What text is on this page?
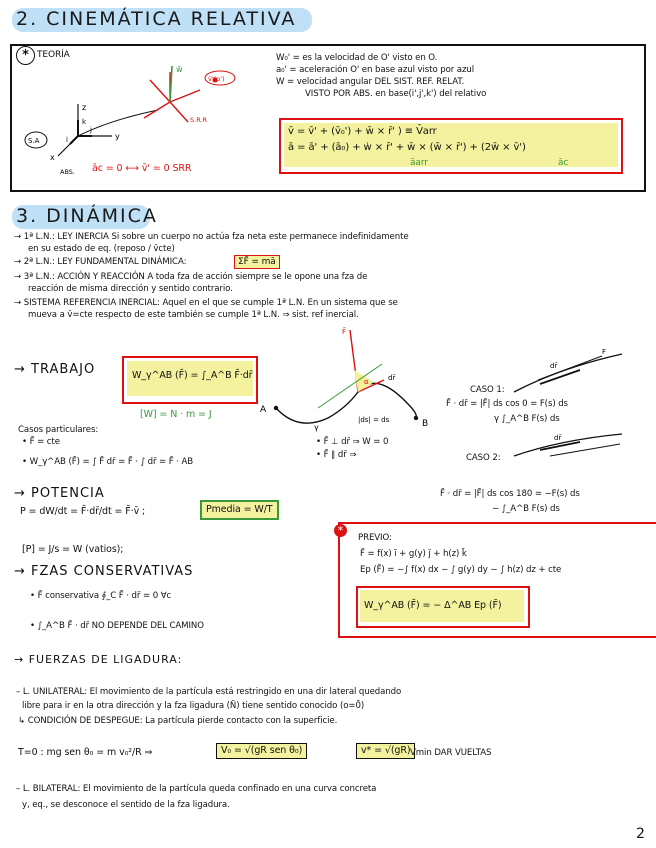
2. CINEMÁTICA RELATIVA
* TEORÍA
z
y
x
k
j
i
ABS.
S.A
w̄
v̄'(p')
S.R.R
āc = 0 ⟷ v̄' = 0 SRR
W₀' = es la velocidad de O' visto en O.
a₀' = aceleración O' en base azul visto por azul
W = velocidad angular DEL SIST. REF. RELAT.
VISTO POR ABS. en base(i',j',k') del relativo
v̄ = v̄' + (v̄₀') + w̄ × r̄' ) ≡ V̄arr
ā = ā' + (ā₀) + ẇ × r̄' + w̄ × (w̄ × r̄') + (2w̄ × v̄')
āarr	āc
3. DINÁMICA
→ 1ª L.N.: LEY INERCIA Si sobre un cuerpo no actúa fza neta este permanece indefinidamente
en su estado de eq. (reposo / v̄cte)
→ 2ª L.N.: LEY FUNDAMENTAL DINÁMICA:	ΣF̄ = mā
→ 3ª L.N.: ACCIÓN Y REACCIÓN A toda fza de acción siempre se le opone una fza de
reacción de misma dirección y sentido contrario.
→ SISTEMA REFERENCIA INERCIAL: Aquel en el que se cumple 1ª L.N. En un sistema que se
mueva a v̄=cte respecto de este también se cumple 1ª L.N. ⇒ sist. ref inercial.
→ TRABAJO	W_γ^AB (F̄) = ∫_A^B F̄·dr̄
[W] = N · m = J
Casos particulares:
• F̄ = cte
• W_γ^AB (F̄) = ∫ F̄ dr̄ = F̄ · ∫ dr̄ = F̄ · AB
A
B
α
F̄
dr̄
γ
|ds| = ds
• F̄ ⊥ dr̄ ⇒ W = 0
• F̄ ∥ dr̄ ⇒
dr̄
F̄
CASO 1:
F̄ · dr̄ = |F̄| ds cos 0 = F(s) ds
γ ∫_A^B F(s) ds
dr̄
CASO 2:
F̄ · dr̄ = |F̄| ds cos 180 = −F(s) ds
− ∫_A^B F(s) ds
→ POTENCIA
P = dW/dt = F̄·dr̄/dt = F̄·v̄ ;	Pmedia = W/T
[P] = J/s = W (vatios);
→ FZAS CONSERVATIVAS
• F̄ conservativa ∮_C F̄ · dr̄ = 0 ∀c
• ∫_A^B F̄ · dr̄ NO DEPENDE DEL CAMINO
*
PREVIO:
F̄ = f(x) ī + g(y) j̄ + h(z) k̄
Ep (F̄) = −∫ f(x) dx − ∫ g(y) dy − ∫ h(z) dz + cte
W_γ^AB (F̄) = − Δ^AB Ep (F̄)
→ FUERZAS DE LIGADURA:
– L. UNILATERAL: El movimiento de la partícula está restringido en una dir lateral quedando
libre para ir en la otra dirección y la fza ligadura (N̄) tiene sentido conocido (o=0̄)
↳ CONDICIÓN DE DESPEGUE: La partícula pierde contacto con la superficie.
T=0 : mg sen θ₀ = m v₀²/R ⇒	V₀ = √(gR sen θ₀)	v* = √(gR) Vmin DAR VUELTAS
– L. BILATERAL: El movimiento de la partícula queda confinado en una curva concreta
y, eq., se desconoce el sentido de la fza ligadura.
2
